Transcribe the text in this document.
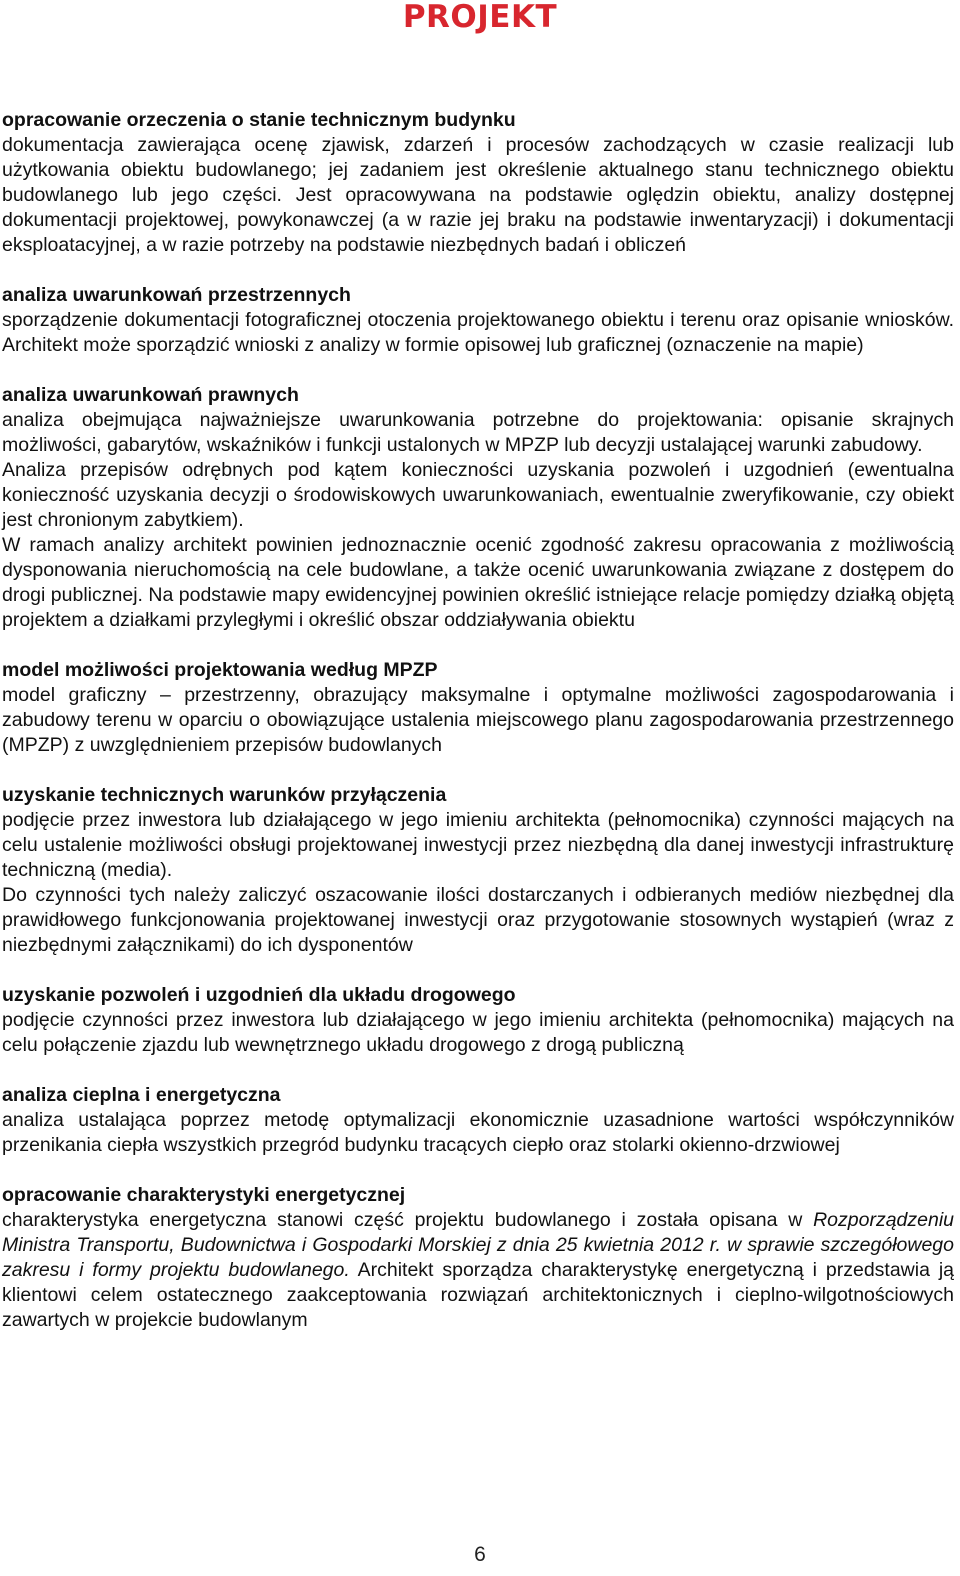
PROJEKT
opracowanie orzeczenia o stanie technicznym budynku
dokumentacja zawierająca ocenę zjawisk, zdarzeń i procesów zachodzących w czasie realizacji lub użytkowania obiektu budowlanego; jej zadaniem jest określenie aktualnego stanu technicznego obiektu budowlanego lub jego części. Jest opracowywana na podstawie oględzin obiektu, analizy dostępnej dokumentacji projektowej, powykonawczej (a w razie jej braku na podstawie inwentaryzacji) i dokumentacji eksploatacyjnej, a w razie potrzeby na podstawie niezbędnych badań i obliczeń
analiza uwarunkowań przestrzennych
sporządzenie dokumentacji fotograficznej otoczenia projektowanego obiektu i terenu oraz opisanie wniosków. Architekt może sporządzić wnioski z analizy w formie opisowej lub graficznej (oznaczenie na mapie)
analiza uwarunkowań prawnych
analiza obejmująca najważniejsze uwarunkowania potrzebne do projektowania: opisanie skrajnych możliwości, gabarytów, wskaźników i funkcji ustalonych w MPZP lub decyzji ustalającej warunki zabudowy.
Analiza przepisów odrębnych pod kątem konieczności uzyskania pozwoleń i uzgodnień (ewentualna konieczność uzyskania decyzji o środowiskowych uwarunkowaniach, ewentualnie zweryfikowanie, czy obiekt jest chronionym zabytkiem).
W ramach analizy architekt powinien jednoznacznie ocenić zgodność zakresu opracowania z możliwością dysponowania nieruchomością na cele budowlane, a także ocenić uwarunkowania związane z dostępem do drogi publicznej. Na podstawie mapy ewidencyjnej powinien określić istniejące relacje pomiędzy działką objętą projektem a działkami przyległymi i określić obszar oddziaływania obiektu
model możliwości projektowania według MPZP
model graficzny – przestrzenny, obrazujący maksymalne i optymalne możliwości zagospodarowania i zabudowy terenu w oparciu o obowiązujące ustalenia miejscowego planu zagospodarowania przestrzennego (MPZP) z uwzględnieniem przepisów budowlanych
uzyskanie technicznych warunków przyłączenia
podjęcie przez inwestora lub działającego w jego imieniu architekta (pełnomocnika) czynności mających na celu ustalenie możliwości obsługi projektowanej inwestycji przez niezbędną dla danej inwestycji infrastrukturę techniczną (media).
Do czynności tych należy zaliczyć oszacowanie ilości dostarczanych i odbieranych mediów niezbędnej dla prawidłowego funkcjonowania projektowanej inwestycji oraz przygotowanie stosownych wystąpień (wraz z niezbędnymi załącznikami) do ich dysponentów
uzyskanie pozwoleń i uzgodnień dla układu drogowego
podjęcie czynności przez inwestora lub działającego w jego imieniu architekta (pełnomocnika) mających na celu połączenie zjazdu lub wewnętrznego układu drogowego z drogą publiczną
analiza cieplna i energetyczna
analiza ustalająca poprzez metodę optymalizacji ekonomicznie uzasadnione wartości współczynników przenikania ciepła wszystkich przegród budynku tracących ciepło oraz stolarki okienno-drzwiowej
opracowanie charakterystyki energetycznej
charakterystyka energetyczna stanowi część projektu budowlanego i została opisana w Rozporządzeniu Ministra Transportu, Budownictwa i Gospodarki Morskiej z dnia 25 kwietnia 2012 r. w sprawie szczegółowego zakresu i formy projektu budowlanego. Architekt sporządza charakterystykę energetyczną i przedstawia ją klientowi celem ostatecznego zaakceptowania rozwiązań architektonicznych i cieplno-wilgotnościowych zawartych w projekcie budowlanym
6
